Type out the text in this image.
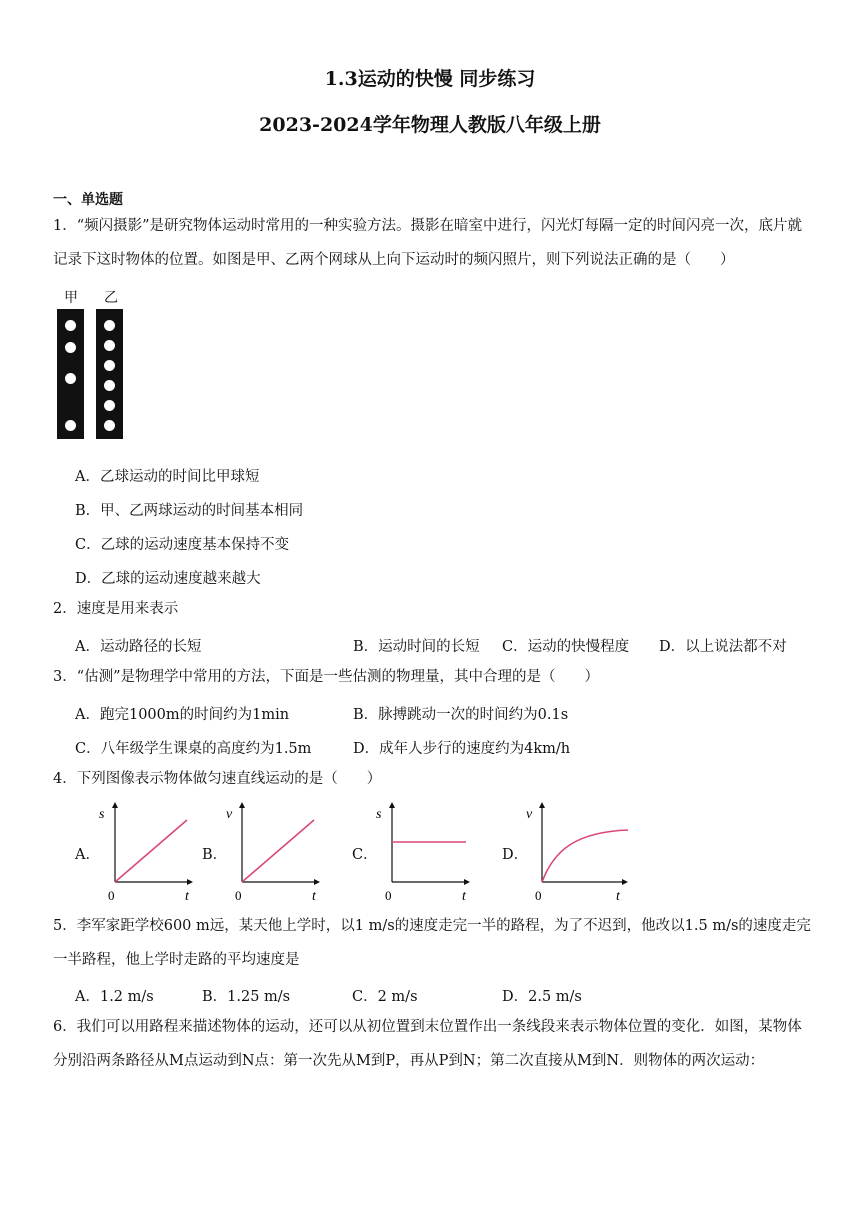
1.3运动的快慢 同步练习
2023-2024学年物理人教版八年级上册
一、单选题
1．“频闪摄影”是研究物体运动时常用的一种实验方法。摄影在暗室中进行，闪光灯每隔一定的时间闪亮一次，底片就记录下这时物体的位置。如图是甲、乙两个网球从上向下运动时的频闪照片，则下列说法正确的是（　　）
甲 乙
A．乙球运动的时间比甲球短
B．甲、乙两球运动的时间基本相同
C．乙球的运动速度基本保持不变
D．乙球的运动速度越来越大
2．速度是用来表示
A．运动路径的长短	B．运动时间的长短 C．运动的快慢程度 D．以上说法都不对
3．“估测”是物理学中常用的方法，下面是一些估测的物理量，其中合理的是（　　）
A．跑完1000m的时间约为1min	B．脉搏跳动一次的时间约为0.1s
C．八年级学生课桌的高度约为1.5m	D．成年人步行的速度约为4km/h
4．下列图像表示物体做匀速直线运动的是（　　）
A．	B．	C．	D．
s
t
0
v
t
0
s
t
0
v
t
0
5．李军家距学校600 m远，某天他上学时，以1 m/s的速度走完一半的路程，为了不迟到，他改以1.5 m/s的速度走完一半路程，他上学时走路的平均速度是
A．1.2 m/s	B．1.25 m/s	C．2 m/s	D．2.5 m/s
6．我们可以用路程来描述物体的运动，还可以从初位置到末位置作出一条线段来表示物体位置的变化．如图，某物体分别沿两条路径从M点运动到N点：第一次先从M到P，再从P到N；第二次直接从M到N．则物体的两次运动：
